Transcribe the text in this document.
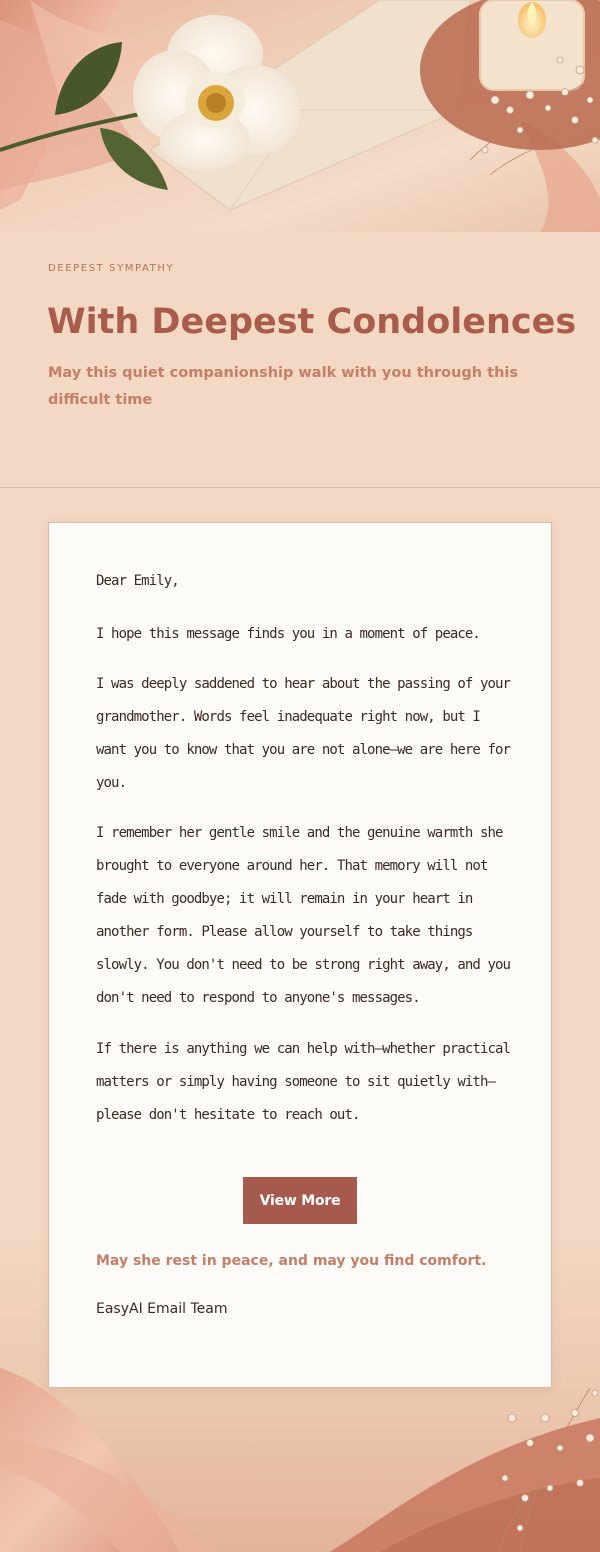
DEEPEST SYMPATHY
With Deepest Condolences
May this quiet companionship walk with you through this difficult time
Dear Emily,
I hope this message finds you in a moment of peace.
I was deeply saddened to hear about the passing of your grandmother. Words feel inadequate right now, but I want you to know that you are not alone—we are here for you.
I remember her gentle smile and the genuine warmth she brought to everyone around her. That memory will not fade with goodbye; it will remain in your heart in another form. Please allow yourself to take things slowly. You don't need to be strong right away, and you don't need to respond to anyone's messages.
If there is anything we can help with—whether practical matters or simply having someone to sit quietly with—please don't hesitate to reach out.
View More
May she rest in peace, and may you find comfort.
EasyAI Email Team
